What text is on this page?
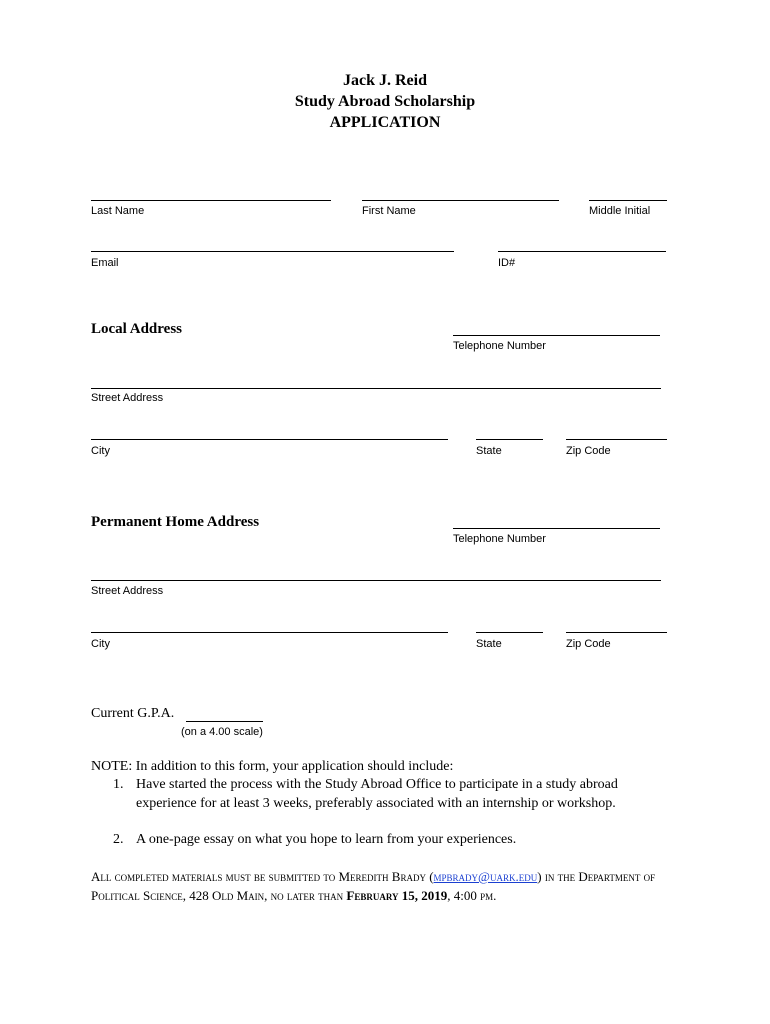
Jack J. Reid
Study Abroad Scholarship
APPLICATION
Last Name	First Name	Middle Initial
Email	ID#
Local Address
Telephone Number
Street Address
City	State	Zip Code
Permanent Home Address
Telephone Number
Street Address
City	State	Zip Code
Current G.P.A.
(on a 4.00 scale)
NOTE: In addition to this form, your application should include:
1. Have started the process with the Study Abroad Office to participate in a study abroad experience for at least 3 weeks, preferably associated with an internship or workshop.
2. A one-page essay on what you hope to learn from your experiences.
All completed materials must be submitted to Meredith Brady (mpbrady@uark.edu) in the Department of Political Science, 428 Old Main, no later than February 15, 2019, 4:00 pm.
